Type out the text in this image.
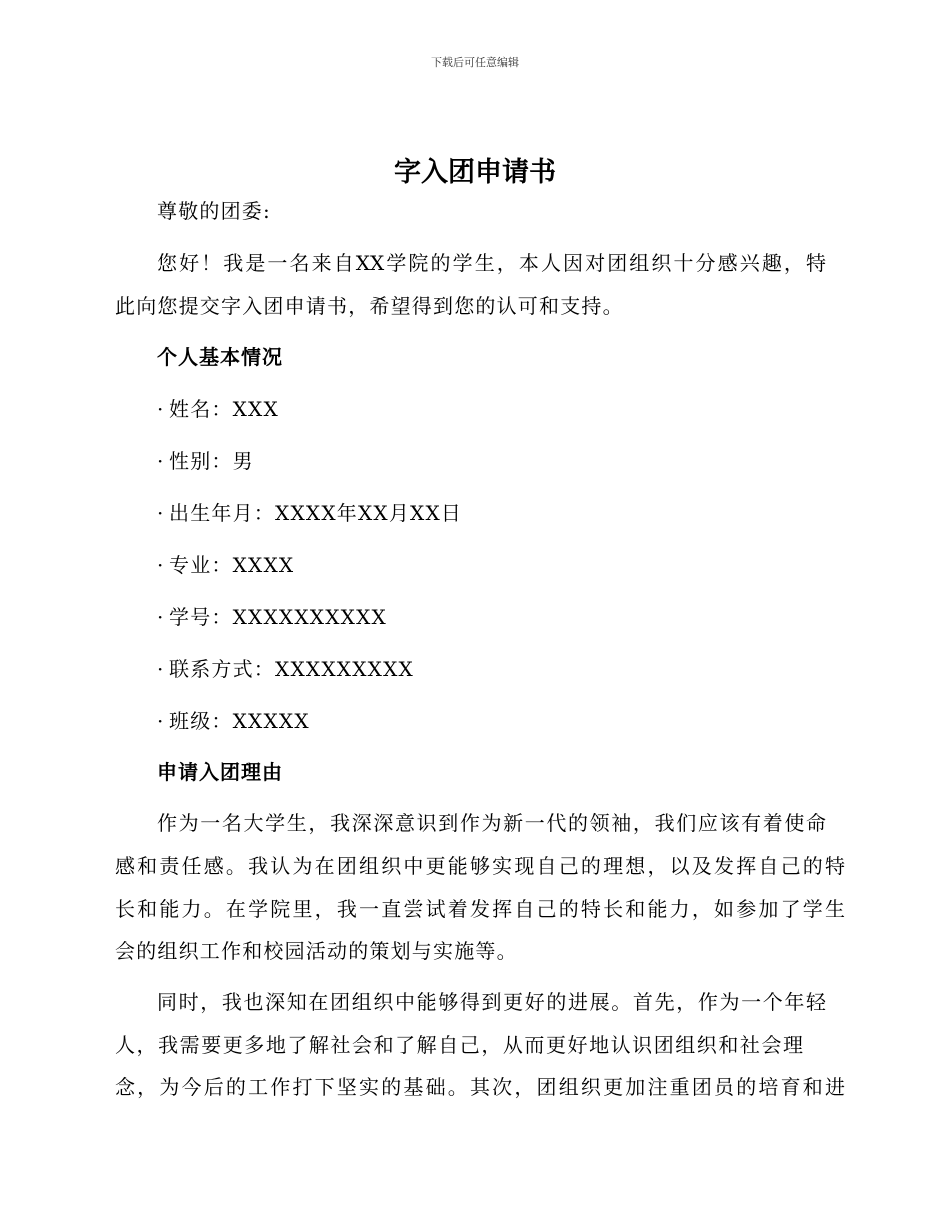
下载后可任意编辑
字入团申请书
尊敬的团委:
您好！我是一名来自XX学院的学生，本人因对团组织十分感兴趣，特
此向您提交字入团申请书，希望得到您的认可和支持。
个人基本情况
· 姓名：XXX
· 性别：男
· 出生年月：XXXX年XX月XX日
· 专业：XXXX
· 学号：XXXXXXXXXX
· 联系方式：XXXXXXXXX
· 班级：XXXXX
申请入团理由
作为一名大学生，我深深意识到作为新一代的领袖，我们应该有着使命
感和责任感。我认为在团组织中更能够实现自己的理想，以及发挥自己的特
长和能力。在学院里，我一直尝试着发挥自己的特长和能力，如参加了学生
会的组织工作和校园活动的策划与实施等。
同时，我也深知在团组织中能够得到更好的进展。首先，作为一个年轻
人，我需要更多地了解社会和了解自己，从而更好地认识团组织和社会理
念，为今后的工作打下坚实的基础。其次，团组织更加注重团员的培育和进
